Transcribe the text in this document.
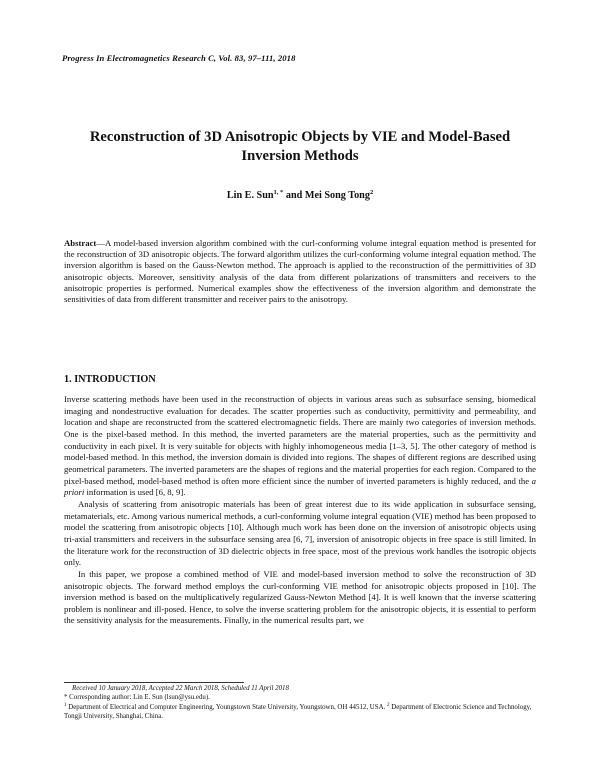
Progress In Electromagnetics Research C, Vol. 83, 97–111, 2018
Reconstruction of 3D Anisotropic Objects by VIE and Model-Based Inversion Methods
Lin E. Sun$^{1, *}$ and Mei Song Tong$^2$
Abstract—A model-based inversion algorithm combined with the curl-conforming volume integral equation method is presented for the reconstruction of 3D anisotropic objects. The forward algorithm utilizes the curl-conforming volume integral equation method. The inversion algorithm is based on the Gauss-Newton method. The approach is applied to the reconstruction of the permittivities of 3D anisotropic objects. Moreover, sensitivity analysis of the data from different polarizations of transmitters and receivers to the anisotropic properties is performed. Numerical examples show the effectiveness of the inversion algorithm and demonstrate the sensitivities of data from different transmitter and receiver pairs to the anisotropy.
1. INTRODUCTION

Inverse scattering methods have been used in the reconstruction of objects in various areas such as subsurface sensing, biomedical imaging and nondestructive evaluation for decades. The scatter properties such as conductivity, permittivity and permeability, and location and shape are reconstructed from the scattered electromagnetic fields. There are mainly two categories of inversion methods. One is the pixel-based method. In this method, the inverted parameters are the material properties, such as the permittivity and conductivity in each pixel. It is very suitable for objects with highly inhomogeneous media [1–3, 5]. The other category of method is model-based method. In this method, the inversion domain is divided into regions. The shapes of different regions are described using geometrical parameters. The inverted parameters are the shapes of regions and the material properties for each region. Compared to the pixel-based method, model-based method is often more efficient since the number of inverted parameters is highly reduced, and the a priori information is used [6, 8, 9].

Analysis of scattering from anisotropic materials has been of great interest due to its wide application in subsurface sensing, metamaterials, etc. Among various numerical methods, a curl-conforming volume integral equation (VIE) method has been proposed to model the scattering from anisotropic objects [10]. Although much work has been done on the inversion of anisotropic objects using tri-axial transmitters and receivers in the subsurface sensing area [6, 7], inversion of anisotropic objects in free space is still limited. In the literature work for the reconstruction of 3D dielectric objects in free space, most of the previous work handles the isotropic objects only.

In this paper, we propose a combined method of VIE and model-based inversion method to solve the reconstruction of 3D anisotropic objects. The forward method employs the curl-conforming VIE method for anisotropic objects proposed in [10]. The inversion method is based on the multiplicatively regularized Gauss-Newton Method [4]. It is well known that the inverse scattering problem is nonlinear and ill-posed. Hence, to solve the inverse scattering problem for the anisotropic objects, it is essential to perform the sensitivity analysis for the measurements. Finally, in the numerical results part, we

Received 10 January 2018, Accepted 22 March 2018, Scheduled 11 April 2018
* Corresponding author: Lin E. Sun (lsun@ysu.edu).
$^1$ Department of Electrical and Computer Engineering, Youngstown State University, Youngstown, OH 44512, USA. $^2$ Department of Electronic Science and Technology, Tongji University, Shanghai, China.
